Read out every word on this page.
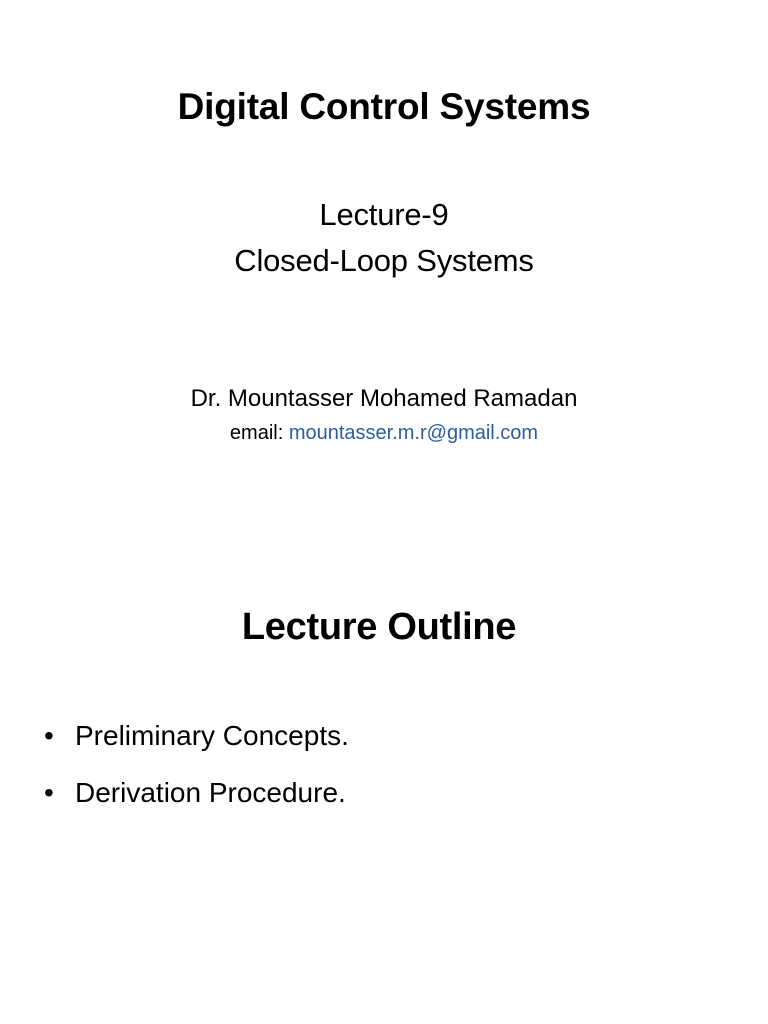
Digital Control Systems

Lecture-9

Closed-Loop Systems

Dr. Mountasser Mohamed Ramadan

email: mountasser.m.r@gmail.com

Lecture Outline
• Preliminary Concepts.
• Derivation Procedure.
